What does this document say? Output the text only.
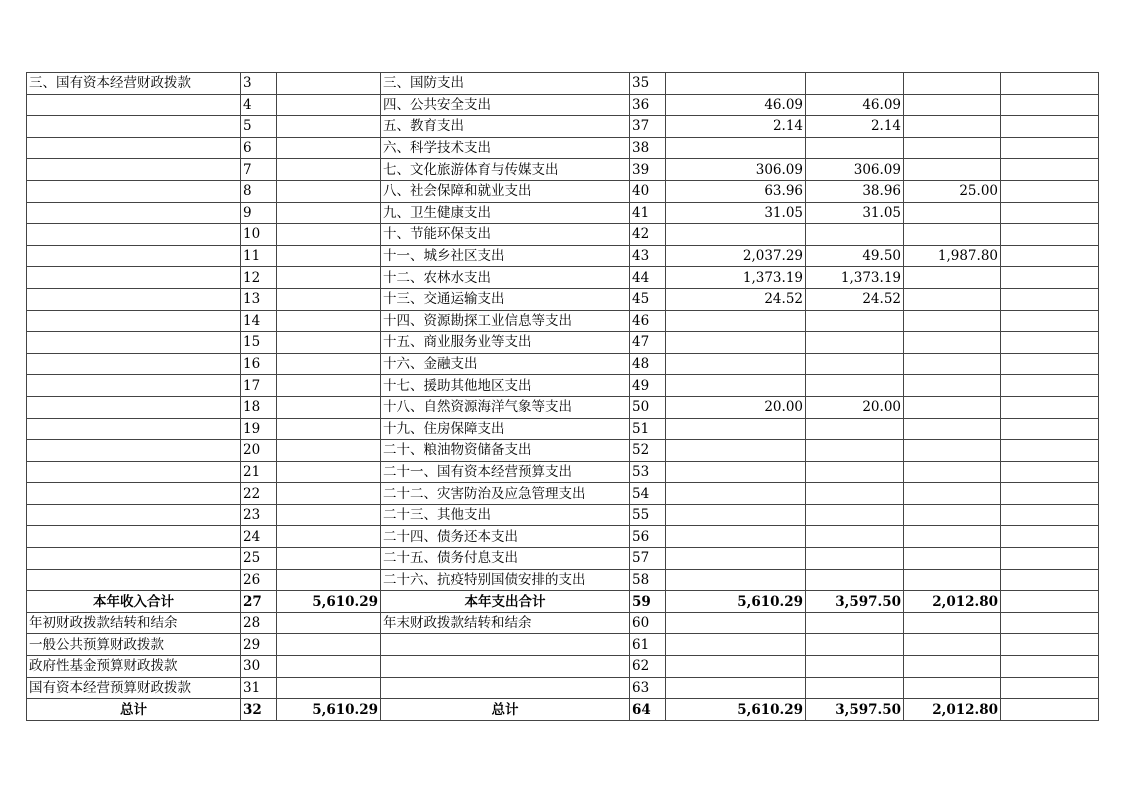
三、国有资本经营财政拨款	3		三、国防支出	35				
	4		四、公共安全支出	36	46.09	46.09		
	5		五、教育支出	37	2.14	2.14		
	6		六、科学技术支出	38				
	7		七、文化旅游体育与传媒支出	39	306.09	306.09		
	8		八、社会保障和就业支出	40	63.96	38.96	25.00	
	9		九、卫生健康支出	41	31.05	31.05		
	10		十、节能环保支出	42				
	11		十一、城乡社区支出	43	2,037.29	49.50	1,987.80	
	12		十二、农林水支出	44	1,373.19	1,373.19		
	13		十三、交通运输支出	45	24.52	24.52		
	14		十四、资源勘探工业信息等支出	46				
	15		十五、商业服务业等支出	47				
	16		十六、金融支出	48				
	17		十七、援助其他地区支出	49				
	18		十八、自然资源海洋气象等支出	50	20.00	20.00		
	19		十九、住房保障支出	51				
	20		二十、粮油物资储备支出	52				
	21		二十一、国有资本经营预算支出	53				
	22		二十二、灾害防治及应急管理支出	54				
	23		二十三、其他支出	55				
	24		二十四、债务还本支出	56				
	25		二十五、债务付息支出	57				
	26		二十六、抗疫特别国债安排的支出	58				
本年收入合计	27	5,610.29	本年支出合计	59	5,610.29	3,597.50	2,012.80	
年初财政拨款结转和结余	28		年末财政拨款结转和结余	60				
一般公共预算财政拨款	29			61				
政府性基金预算财政拨款	30			62				
国有资本经营预算财政拨款	31			63				
总计	32	5,610.29	总计	64	5,610.29	3,597.50	2,012.80	
